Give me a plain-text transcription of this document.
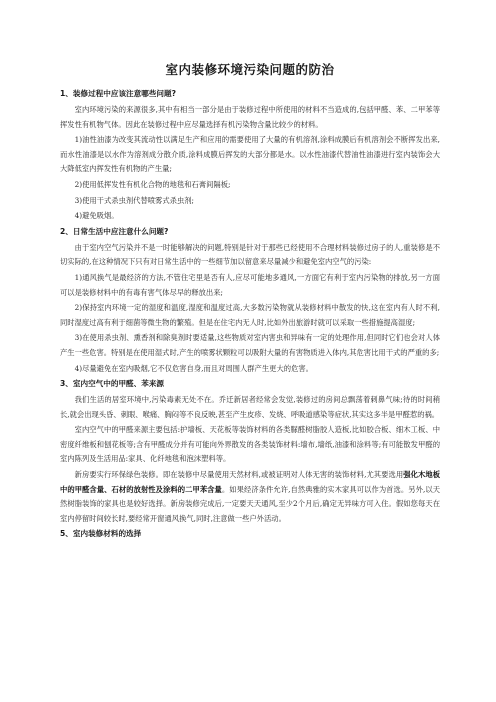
室内装修环境污染问题的防治
1、装修过程中应该注意哪些问题?
室内环境污染的来源很多,其中有相当一部分是由于装修过程中所使用的材料不当造成的,包括甲醛、苯、二甲苯等挥发性有机物气体。因此在装修过程中应尽量选择有机污染物含量比较少的材料。
1)油性油漆为改变其流动性以满足生产和应用的需要使用了大量的有机溶剂,涂料成膜后有机溶剂会不断挥发出来,而水性油漆是以水作为溶剂成分散介质,涂料成膜后挥发的大部分都是水。以水性油漆代替油性油漆进行室内装饰会大大降低室内挥发性有机物的产生量;
2)使用低挥发性有机化合物的地毯和石膏间隔板;
3)使用干式杀虫剂代替喷雾式杀虫剂;
4)避免吸烟。
2、日常生活中应注意什么问题?
由于室内空气污染并不是一时能够解决的问题,特别是针对于那些已经使用不合理材料装修过房子的人,重装修是不切实际的,在这种情况下只有对日常生活中的一些细节加以留意来尽量减少和避免室内空气的污染:
1)通风换气是最经济的方法,不管住宅里是否有人,应尽可能地多通风,一方面它有利于室内污染物的排放,另一方面可以是装修材料中的有毒有害气体尽早的释放出来;
2)保持室内环境一定的湿度和温度,湿度和温度过高,大多数污染物就从装修材料中散发的快,这在室内有人时不利,同时湿度过高有利于细菌等微生物的繁殖。但是在住宅内无人时,比如外出旅游时就可以采取一些措施提高湿度;
3)在使用杀虫剂、熏香剂和除臭剂时要适量,这些物质对室内害虫和异味有一定的处理作用,但同时它们也会对人体产生一些危害。特别是在使用湿式时,产生的喷雾状颗粒可以吸附大量的有害物质进入体内,其危害比用干式的严重的多;
4)尽量避免在室内吸烟,它不仅危害自身,而且对周围人群产生更大的危害。
3、室内空气中的甲醛、苯来源
我们生活的居室环境中,污染毒素无处不在。乔迁新居者经常会发觉,装修过的房间总飘荡着刺鼻气味;待的时间稍长,就会出现头昏、刺眼、喉痛、胸闷等不良反映,甚至产生皮疹、发烧、呼吸道感染等症状,其实这多半是甲醛惹的祸。
室内空气中的甲醛来源主要包括:护墙板、天花板等装饰材料的各类脲醛树脂胶人造板,比如胶合板、细木工板、中密度纤维板和刨花板等;含有甲醛成分并有可能向外界散发的各类装饰材料:墙布,墙纸,油漆和涂料等;有可能散发甲醛的室内陈列及生活用品:家具、化纤地毯和泡沫塑料等。
新房要实行环保绿色装修。即在装修中尽量使用天然材料,或被证明对人体无害的装饰材料,尤其要选用强化木地板中的甲醛含量、石材的放射性及涂料的二甲苯含量。如果经济条件允许,自然典雅的实木家具可以作为首选。另外,以天然树脂装饰的家具也是较好选择。新房装修完成后,一定要天天通风,至少2个月后,确定无异味方可入住。假如您每天在室内停留时间较长时,要经常开窗通风换气,同时,注意做一些户外活动。
5、室内装修材料的选择
